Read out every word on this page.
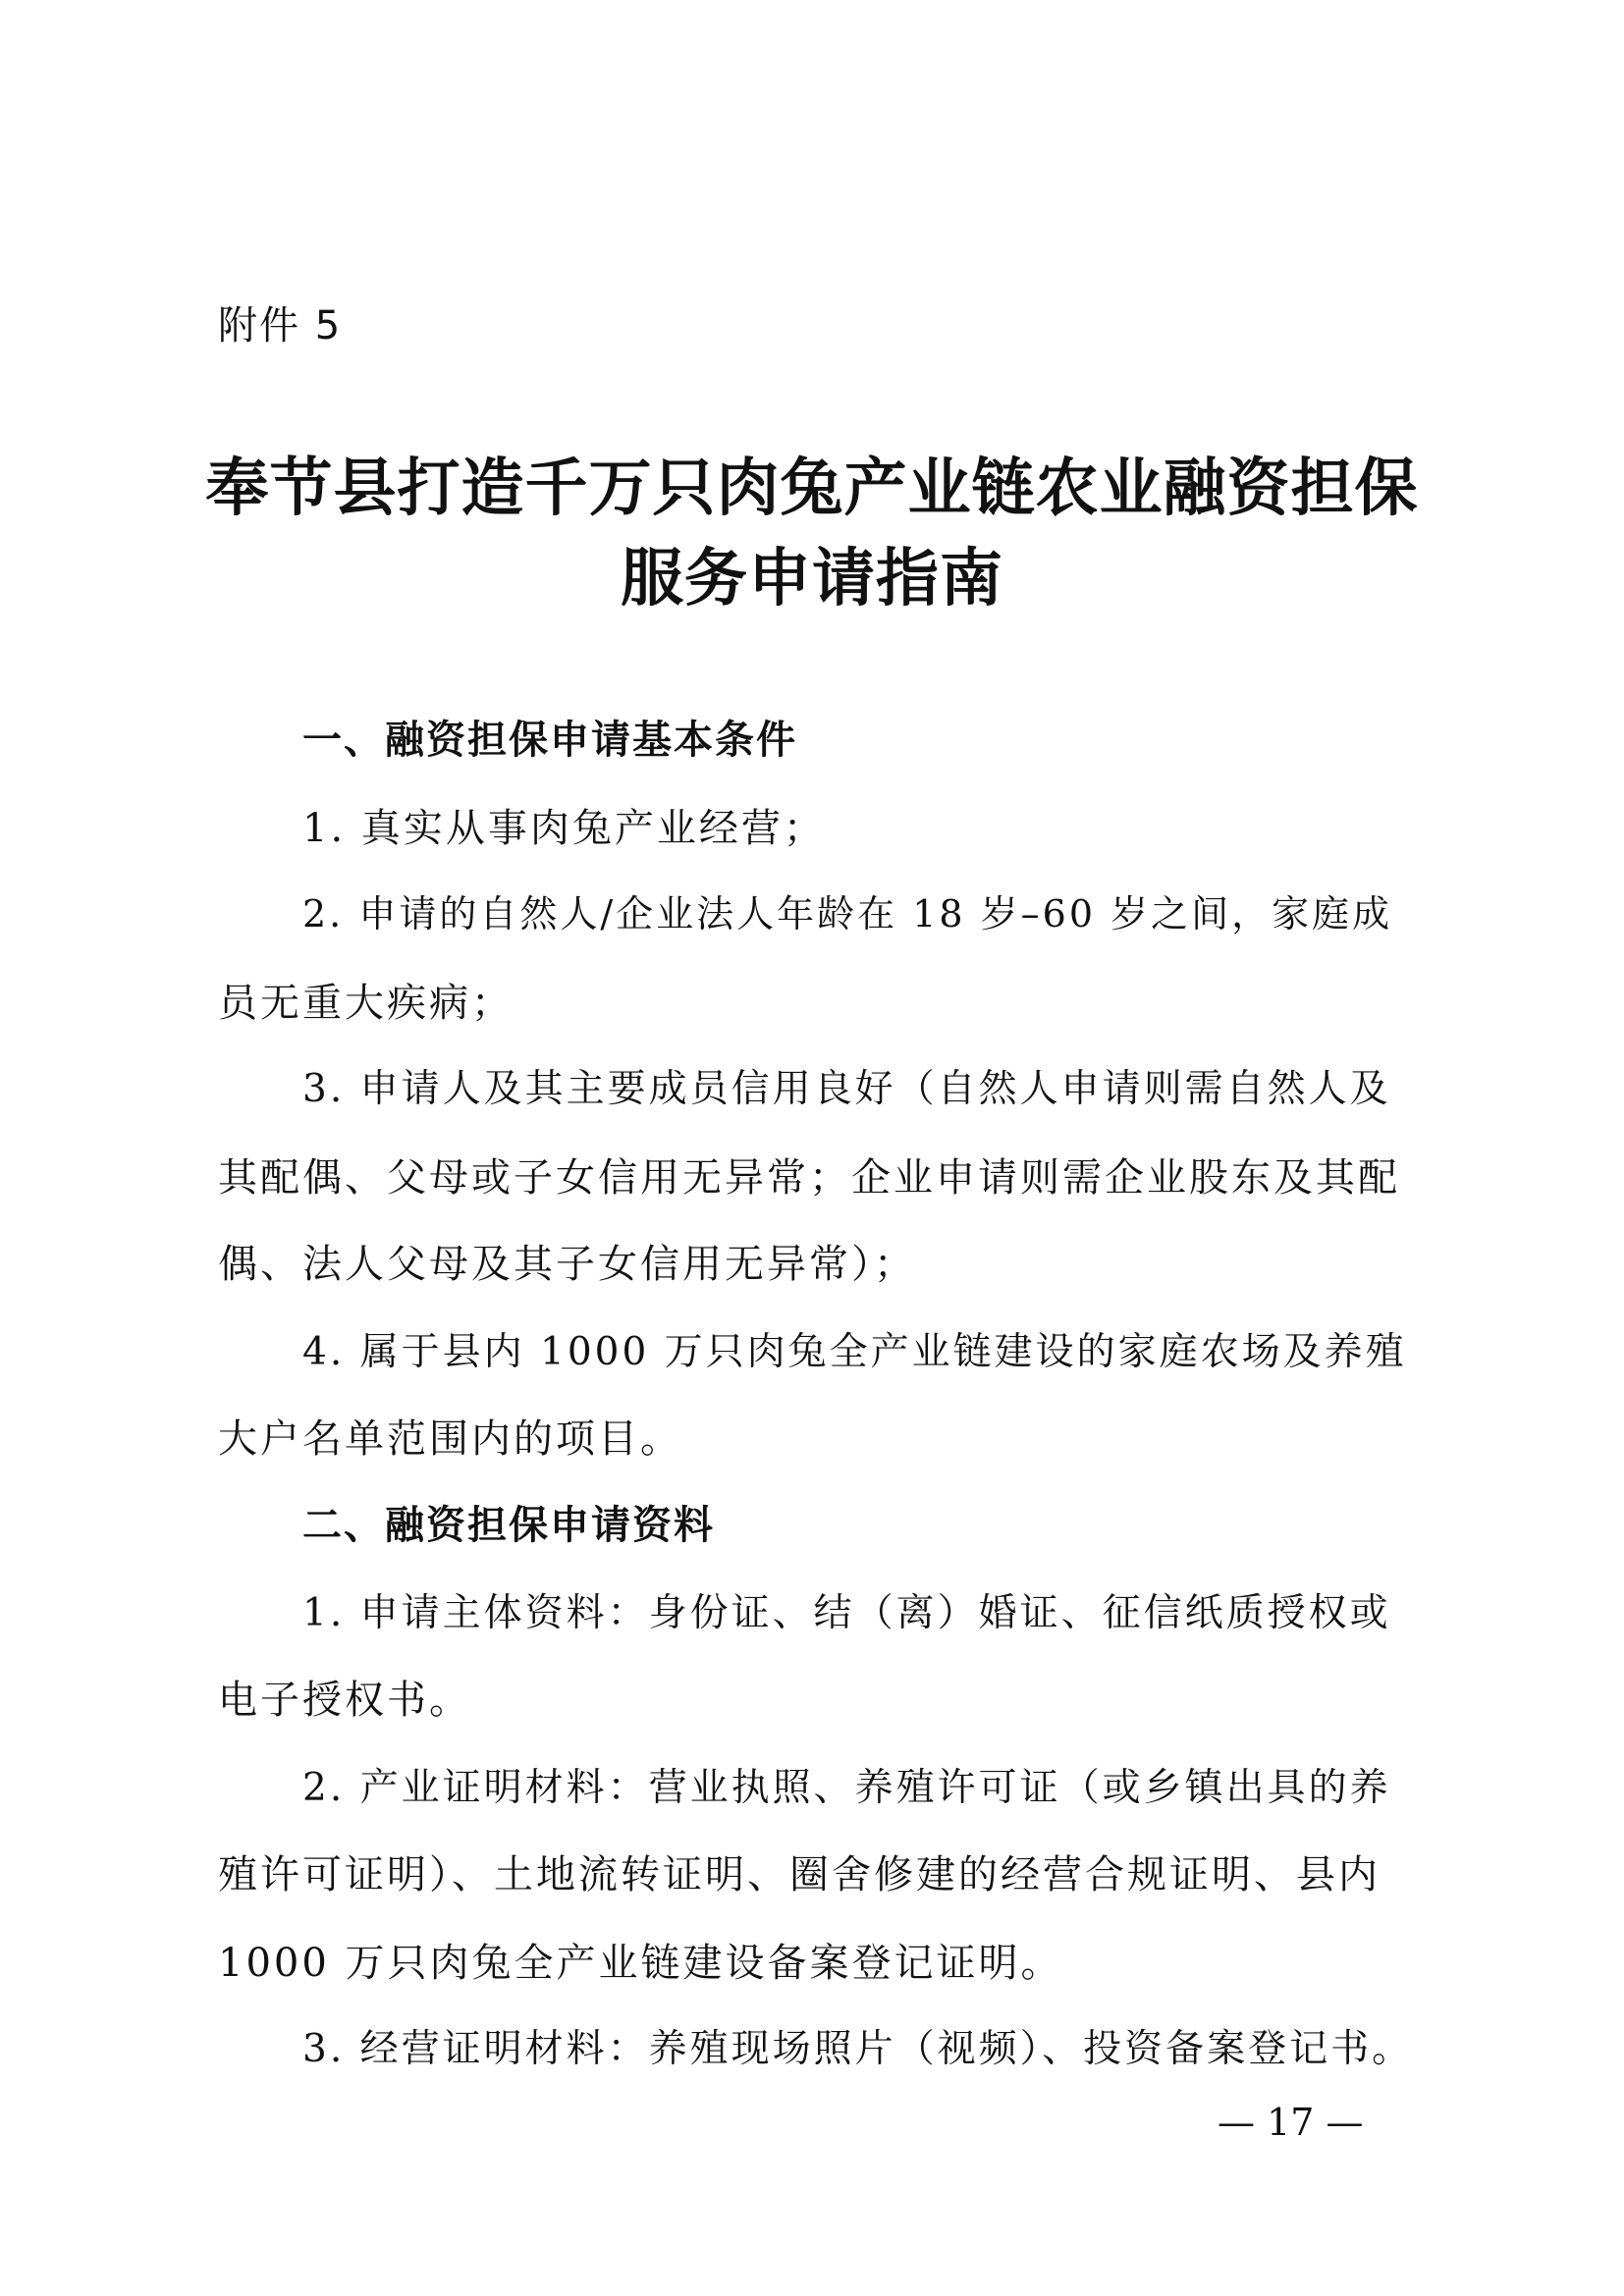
附件 5
奉节县打造千万只肉兔产业链农业融资担保
服务申请指南
一、融资担保申请基本条件
1. 真实从事肉兔产业经营；
2. 申请的自然人/企业法人年龄在 18 岁–60 岁之间，家庭成
员无重大疾病；
3. 申请人及其主要成员信用良好（自然人申请则需自然人及
其配偶、父母或子女信用无异常；企业申请则需企业股东及其配
偶、法人父母及其子女信用无异常）；
4. 属于县内 1000 万只肉兔全产业链建设的家庭农场及养殖
大户名单范围内的项目。
二、融资担保申请资料
1. 申请主体资料：身份证、结（离）婚证、征信纸质授权或
电子授权书。
2. 产业证明材料：营业执照、养殖许可证（或乡镇出具的养
殖许可证明）、土地流转证明、圈舍修建的经营合规证明、县内
1000 万只肉兔全产业链建设备案登记证明。
3. 经营证明材料：养殖现场照片（视频）、投资备案登记书。
— 17 —
